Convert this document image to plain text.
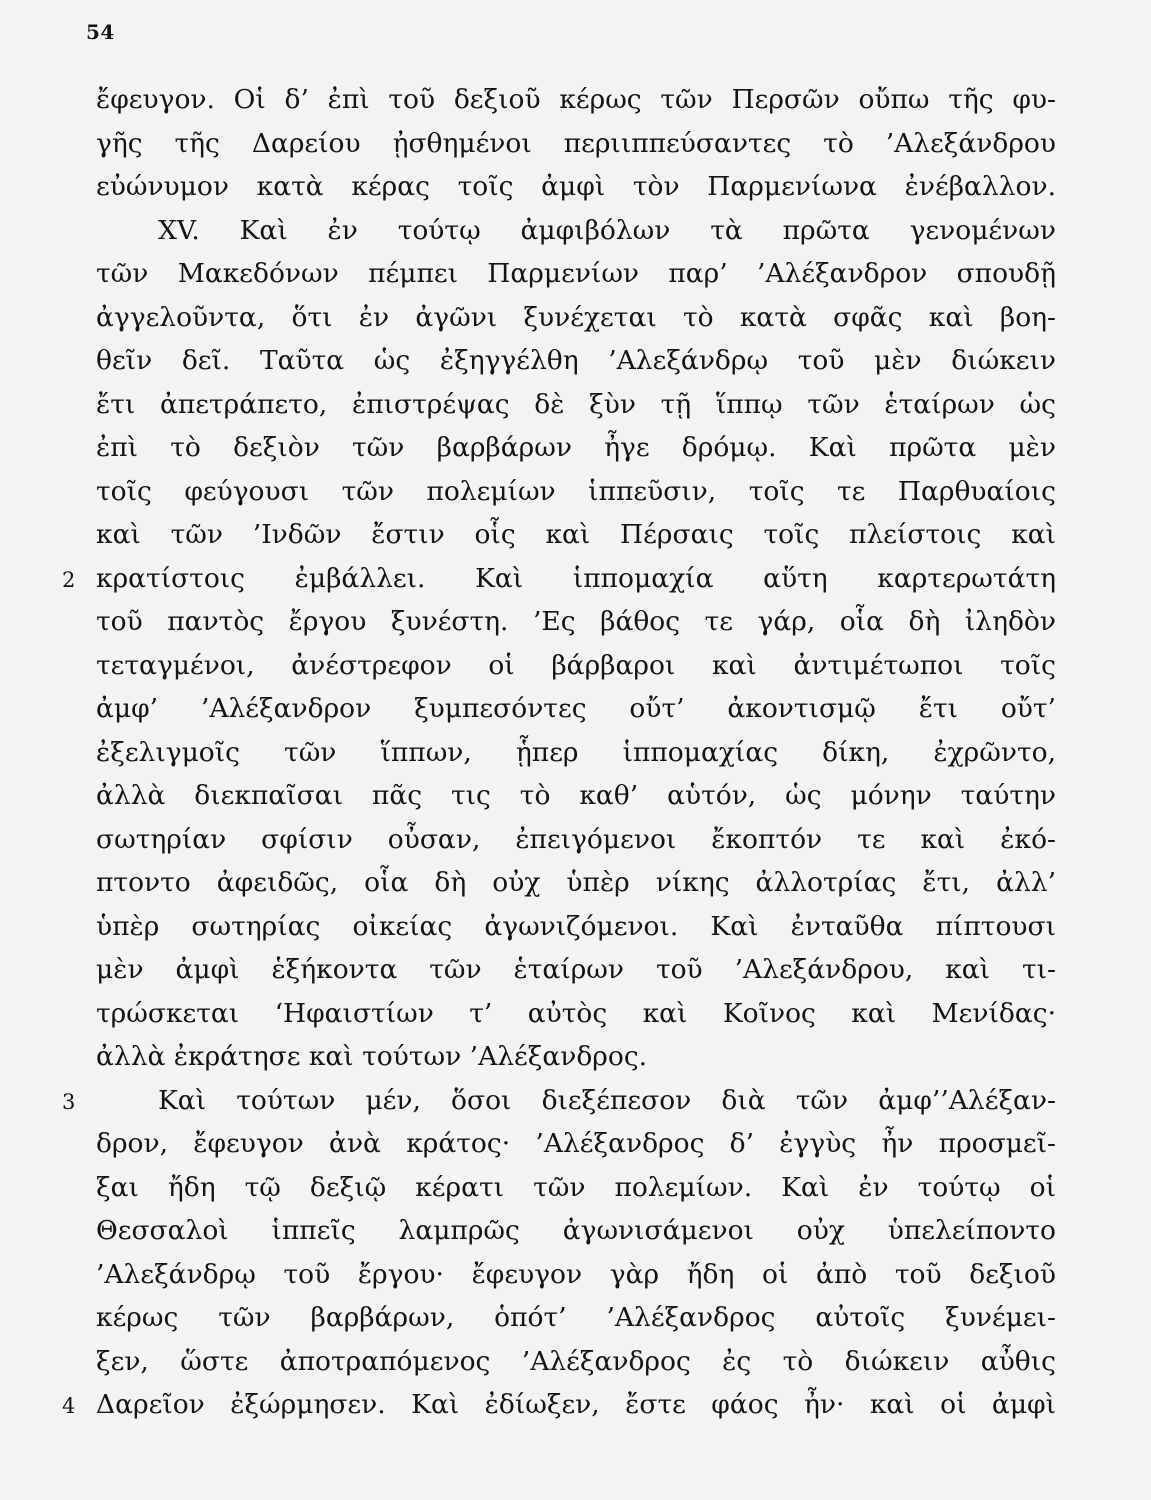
54
ἔφευγον. Οἱ δ’ ἐπὶ τοῦ δεξιοῦ κέρως τῶν Περσῶν οὔπω τῆς φυ-
γῆς τῆς Δαρείου ᾐσθημένοι περιιππεύσαντες τὸ ’Αλεξάνδρου
εὐώνυμον κατὰ κέρας τοῖς ἀμφὶ τὸν Παρμενίωνα ἐνέβαλλον.
XV. Καὶ ἐν τούτῳ ἀμφιβόλων τὰ πρῶτα γενομένων
τῶν Μακεδόνων πέμπει Παρμενίων παρ’ ’Αλέξανδρον σπουδῇ
ἀγγελοῦντα, ὅτι ἐν ἀγῶνι ξυνέχεται τὸ κατὰ σφᾶς καὶ βοη-
θεῖν δεῖ. Ταῦτα ὡς ἐξηγγέλθη ’Αλεξάνδρῳ τοῦ μὲν διώκειν
ἔτι ἀπετράπετο, ἐπιστρέψας δὲ ξὺν τῇ ἵππῳ τῶν ἑταίρων ὡς
ἐπὶ τὸ δεξιὸν τῶν βαρβάρων ἦγε δρόμῳ. Καὶ πρῶτα μὲν
τοῖς φεύγουσι τῶν πολεμίων ἱππεῦσιν, τοῖς τε Παρθυαίοις
καὶ τῶν ’Ινδῶν ἔστιν οἷς καὶ Πέρσαις τοῖς πλείστοις καὶ
2 κρατίστοις ἐμβάλλει. Καὶ ἱππομαχία αὕτη καρτερωτάτη
τοῦ παντὸς ἔργου ξυνέστη. ’Ες βάθος τε γάρ, οἷα δὴ ἰληδὸν
τεταγμένοι, ἀνέστρεφον οἱ βάρβαροι καὶ ἀντιμέτωποι τοῖς
ἀμφ’ ’Αλέξανδρον ξυμπεσόντες οὔτ’ ἀκοντισμῷ ἔτι οὔτ’
ἐξελιγμοῖς τῶν ἵππων, ᾗπερ ἱππομαχίας δίκη, ἐχρῶντο,
ἀλλὰ διεκπαῖσαι πᾶς τις τὸ καθ’ αὑτόν, ὡς μόνην ταύτην
σωτηρίαν σφίσιν οὖσαν, ἐπειγόμενοι ἔκοπτόν τε καὶ ἐκό-
πτοντο ἀφειδῶς, οἷα δὴ οὐχ ὑπὲρ νίκης ἀλλοτρίας ἔτι, ἀλλ’
ὑπὲρ σωτηρίας οἰκείας ἀγωνιζόμενοι. Καὶ ἐνταῦθα πίπτουσι
μὲν ἀμφὶ ἑξήκοντα τῶν ἑταίρων τοῦ ’Αλεξάνδρου, καὶ τι-
τρώσκεται ‘Ηφαιστίων τ’ αὐτὸς καὶ Κοῖνος καὶ Μενίδας·
ἀλλὰ ἐκράτησε καὶ τούτων ’Αλέξανδρος.
3	Καὶ τούτων μέν, ὅσοι διεξέπεσον διὰ τῶν ἀμφ’’Αλέξαν-
δρον, ἔφευγον ἀνὰ κράτος· ’Αλέξανδρος δ’ ἐγγὺς ἦν προσμεῖ-
ξαι ἤδη τῷ δεξιῷ κέρατι τῶν πολεμίων. Καὶ ἐν τούτῳ οἱ
Θεσσαλοὶ ἱππεῖς λαμπρῶς ἀγωνισάμενοι οὐχ ὑπελείποντο
’Αλεξάνδρῳ τοῦ ἔργου· ἔφευγον γὰρ ἤδη οἱ ἀπὸ τοῦ δεξιοῦ
κέρως τῶν βαρβάρων, ὁπότ’ ’Αλέξανδρος αὐτοῖς ξυνέμει-
ξεν, ὥστε ἀποτραπόμενος ’Αλέξανδρος ἐς τὸ διώκειν αὖθις
4 Δαρεῖον ἐξώρμησεν. Καὶ ἐδίωξεν, ἔστε φάος ἦν· καὶ οἱ ἀμφὶ
